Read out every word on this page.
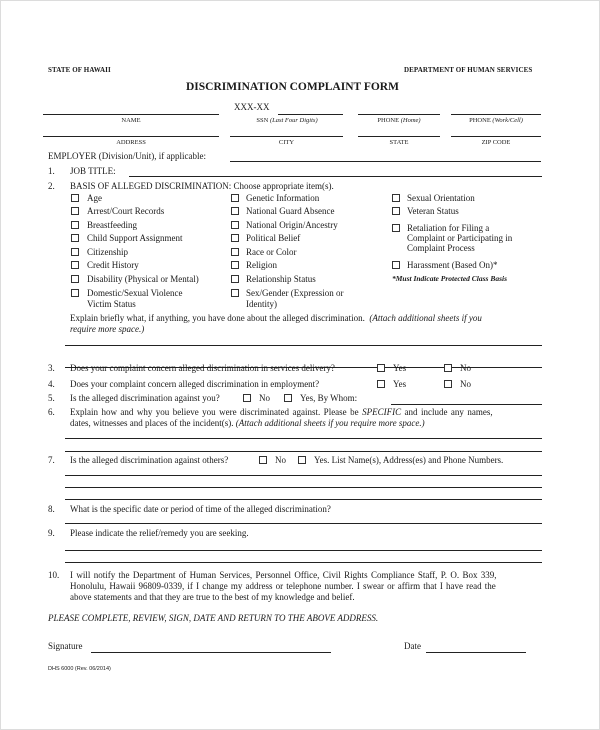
STATE OF HAWAII	DEPARTMENT OF HUMAN SERVICES
DISCRIMINATION COMPLAINT FORM
XXX-XX
NAME	SSN (Last Four Digits)	PHONE (Home)	PHONE (Work/Cell)
ADDRESS	CITY	STATE	ZIP CODE
EMPLOYER (Division/Unit), if applicable:
1. JOB TITLE:
2. BASIS OF ALLEGED DISCRIMINATION: Choose appropriate item(s).
Age
Arrest/Court Records
Breastfeeding
Child Support Assignment
Citizenship
Credit History
Disability (Physical or Mental)
Domestic/Sexual Violence
Victim Status
Genetic Information
National Guard Absence
National Origin/Ancestry
Political Belief
Race or Color
Religion
Relationship Status
Sex/Gender (Expression or
Identity)
Sexual Orientation
Veteran Status
Retaliation for Filing a
Complaint or Participating in
Complaint Process
Harassment (Based On)*
*Must Indicate Protected Class Basis
Explain briefly what, if anything, you have done about the alleged discrimination. (Attach additional sheets if you
require more space.)
3. Does your complaint concern alleged discrimination in services delivery?	Yes	No
4. Does your complaint concern alleged discrimination in employment?	Yes	No
5. Is the alleged discrimination against you?	No	Yes, By Whom:
6. Explain how and why you believe you were discriminated against. Please be SPECIFIC and include any names,
dates, witnesses and places of the incident(s). (Attach additional sheets if you require more space.)
7. Is the alleged discrimination against others?	No	Yes. List Name(s), Address(es) and Phone Numbers.
8. What is the specific date or period of time of the alleged discrimination?
9. Please indicate the relief/remedy you are seeking.
10. I will notify the Department of Human Services, Personnel Office, Civil Rights Compliance Staff, P. O. Box 339,
Honolulu, Hawaii 96809-0339, if I change my address or telephone number. I swear or affirm that I have read the
above statements and that they are true to the best of my knowledge and belief.
PLEASE COMPLETE, REVIEW, SIGN, DATE AND RETURN TO THE ABOVE ADDRESS.
Signature	Date
DHS 6000 (Rev. 06/2014)
